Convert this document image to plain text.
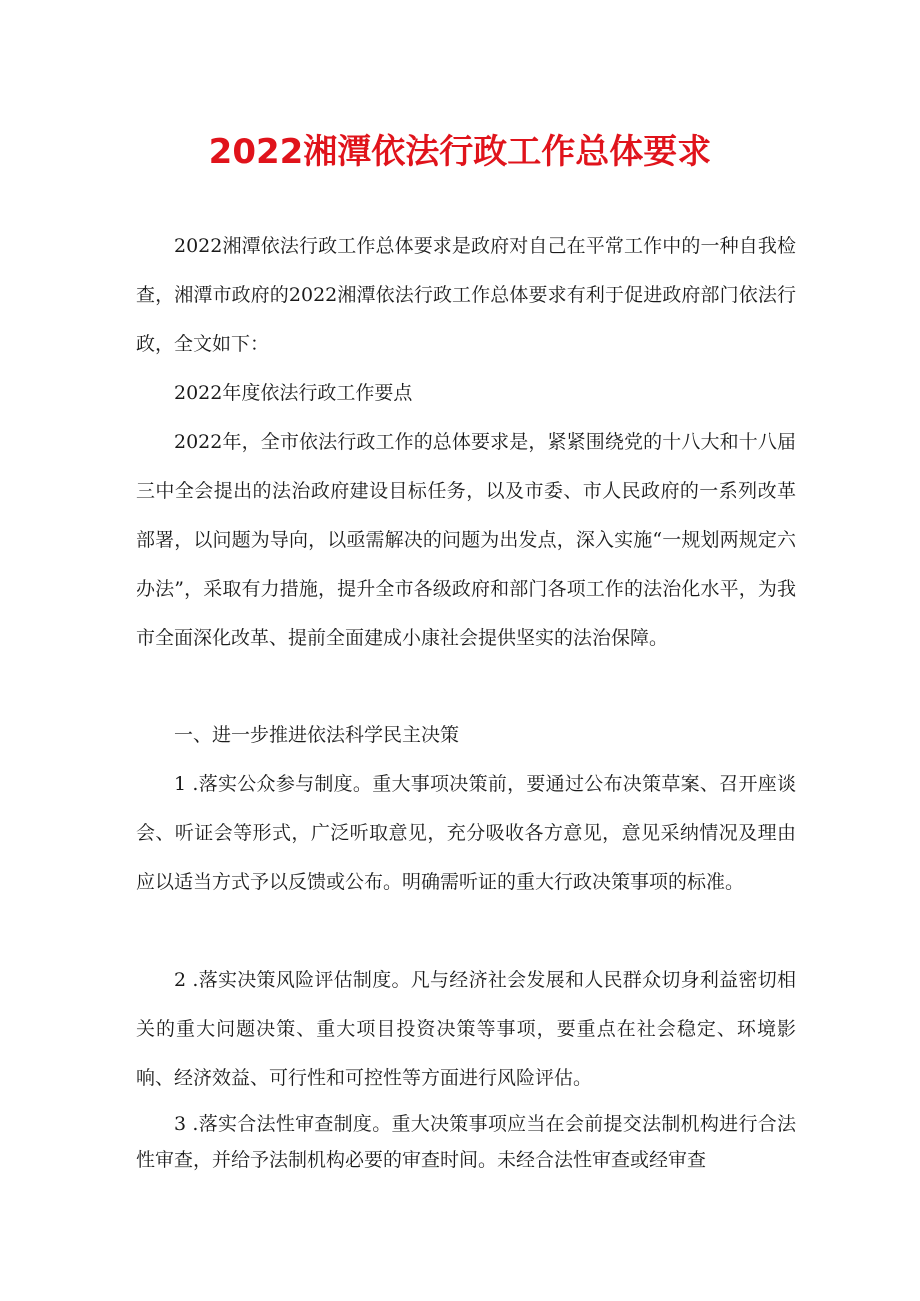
2022湘潭依法行政工作总体要求

2022湘潭依法行政工作总体要求是政府对自己在平常工作中的一种自我检查，湘潭市政府的2022湘潭依法行政工作总体要求有利于促进政府部门依法行政，全文如下：

2022年度依法行政工作要点

2022年，全市依法行政工作的总体要求是，紧紧围绕党的十八大和十八届三中全会提出的法治政府建设目标任务，以及市委、市人民政府的一系列改革部署，以问题为导向，以亟需解决的问题为出发点，深入实施“一规划两规定六办法”，采取有力措施，提升全市各级政府和部门各项工作的法治化水平，为我市全面深化改革、提前全面建成小康社会提供坚实的法治保障。

一、进一步推进依法科学民主决策

1 .落实公众参与制度。重大事项决策前，要通过公布决策草案、召开座谈会、听证会等形式，广泛听取意见，充分吸收各方意见，意见采纳情况及理由应以适当方式予以反馈或公布。明确需听证的重大行政决策事项的标准。

2 .落实决策风险评估制度。凡与经济社会发展和人民群众切身利益密切相关的重大问题决策、重大项目投资决策等事项，要重点在社会稳定、环境影响、经济效益、可行性和可控性等方面进行风险评估。

3 .落实合法性审查制度。重大决策事项应当在会前提交法制机构进行合法性审查，并给予法制机构必要的审查时间。未经合法性审查或经审查
